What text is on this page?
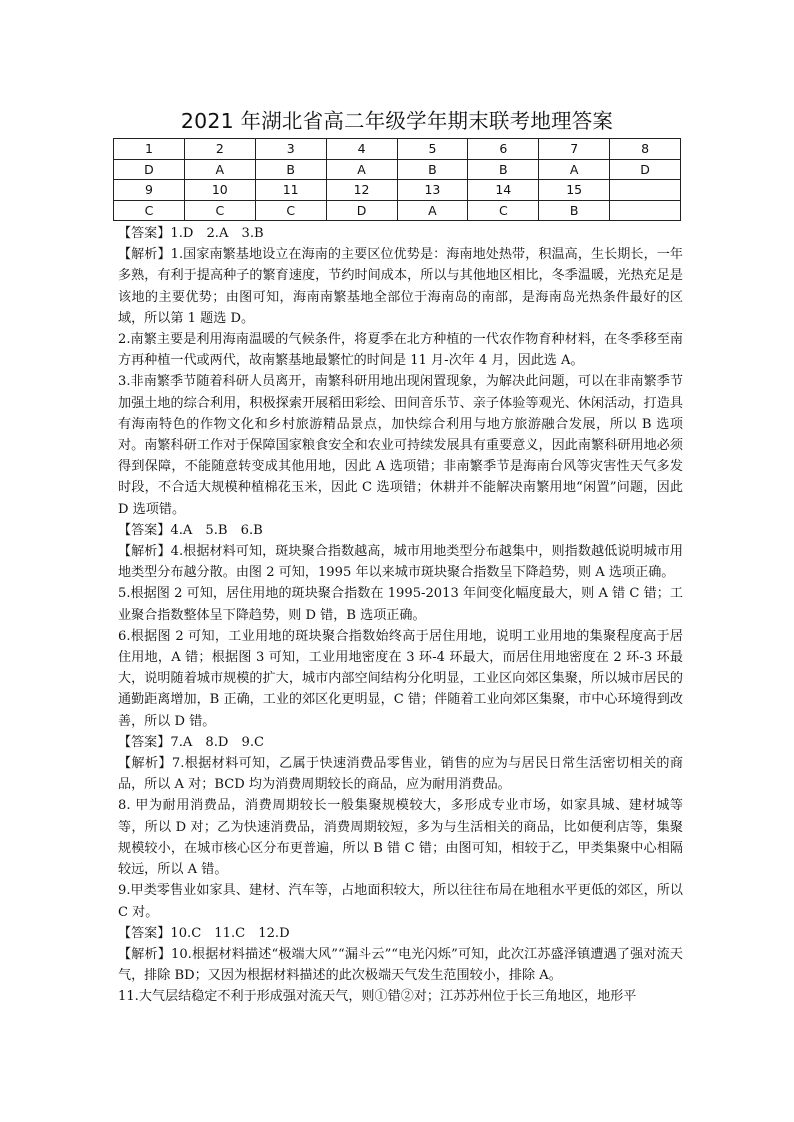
2021 年湖北省高二年级学年期末联考地理答案
1	2	3	4	5	6	7	8
D	A	B	A	B	B	A	D
9	10	11	12	13	14	15	
C	C	C	D	A	C	B	

【答案】1.D　2.A　3.B

【解析】1.国家南繁基地设立在海南的主要区位优势是：海南地处热带，积温高，生长期长，一年多熟，有利于提高种子的繁育速度，节约时间成本，所以与其他地区相比，冬季温暖，光热充足是该地的主要优势；由图可知，海南南繁基地全部位于海南岛的南部，是海南岛光热条件最好的区域，所以第 1 题选 D。

2.南繁主要是利用海南温暖的气候条件，将夏季在北方种植的一代农作物育种材料，在冬季移至南方再种植一代或两代，故南繁基地最繁忙的时间是 11 月-次年 4 月，因此选 A。

3.非南繁季节随着科研人员离开，南繁科研用地出现闲置现象，为解决此问题，可以在非南繁季节加强土地的综合利用，积极探索开展稻田彩绘、田间音乐节、亲子体验等观光、休闲活动，打造具有海南特色的作物文化和乡村旅游精品景点，加快综合利用与地方旅游融合发展，所以 B 选项对。南繁科研工作对于保障国家粮食安全和农业可持续发展具有重要意义，因此南繁科研用地必须得到保障，不能随意转变成其他用地，因此 A 选项错；非南繁季节是海南台风等灾害性天气多发时段，不合适大规模种植棉花玉米，因此 C 选项错；休耕并不能解决南繁用地“闲置”问题，因此 D 选项错。

【答案】4.A　5.B　6.B

【解析】4.根据材料可知，斑块聚合指数越高，城市用地类型分布越集中，则指数越低说明城市用地类型分布越分散。由图 2 可知，1995 年以来城市斑块聚合指数呈下降趋势，则 A 选项正确。

5.根据图 2 可知，居住用地的斑块聚合指数在 1995-2013 年间变化幅度最大，则 A 错 C 错；工业聚合指数整体呈下降趋势，则 D 错，B 选项正确。

6.根据图 2 可知，工业用地的斑块聚合指数始终高于居住用地，说明工业用地的集聚程度高于居住用地，A 错；根据图 3 可知，工业用地密度在 3 环-4 环最大，而居住用地密度在 2 环-3 环最大，说明随着城市规模的扩大，城市内部空间结构分化明显，工业区向郊区集聚，所以城市居民的通勤距离增加，B 正确，工业的郊区化更明显，C 错；伴随着工业向郊区集聚，市中心环境得到改善，所以 D 错。

【答案】7.A　8.D　9.C

【解析】7.根据材料可知，乙属于快速消费品零售业，销售的应为与居民日常生活密切相关的商品，所以 A 对；BCD 均为消费周期较长的商品，应为耐用消费品。

8. 甲为耐用消费品，消费周期较长一般集聚规模较大，多形成专业市场，如家具城、建材城等等，所以 D 对；乙为快速消费品，消费周期较短，多为与生活相关的商品，比如便利店等，集聚规模较小，在城市核心区分布更普遍，所以 B 错 C 错；由图可知，相较于乙，甲类集聚中心相隔较远，所以 A 错。

9.甲类零售业如家具、建材、汽车等，占地面积较大，所以往往布局在地租水平更低的郊区，所以 C 对。

【答案】10.C　11.C　12.D

【解析】10.根据材料描述“极端大风”“漏斗云”“电光闪烁”可知，此次江苏盛泽镇遭遇了强对流天气，排除 BD；又因为根据材料描述的此次极端天气发生范围较小，排除 A。

11.大气层结稳定不利于形成强对流天气，则①错②对；江苏苏州位于长三角地区，地形平
